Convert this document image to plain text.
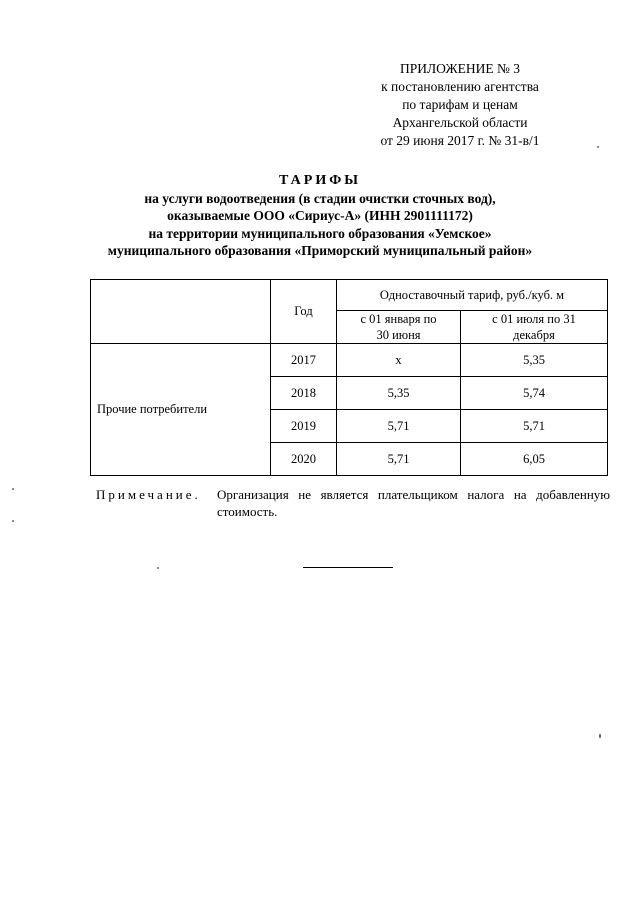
ПРИЛОЖЕНИЕ № 3
к постановлению агентства
по тарифам и ценам
Архангельской области
от 29 июня 2017 г. № 31-в/1
ТАРИФЫ
на услуги водоотведения (в стадии очистки сточных вод),
оказываемые ООО «Сириус-А» (ИНН 2901111172)
на территории муниципального образования «Уемское»
муниципального образования «Приморский муниципальный район»
	Год	Одноставочный тариф, руб./куб. м	
		с 01 января по 30 июня	с 01 июля по 31 декабря
Прочие потребители	2017	х	5,35
	2018	5,35	5,74
	2019	5,71	5,71
	2020	5,71	6,05
Примечание. Организация не является плательщиком налога на добавленную
стоимость.
